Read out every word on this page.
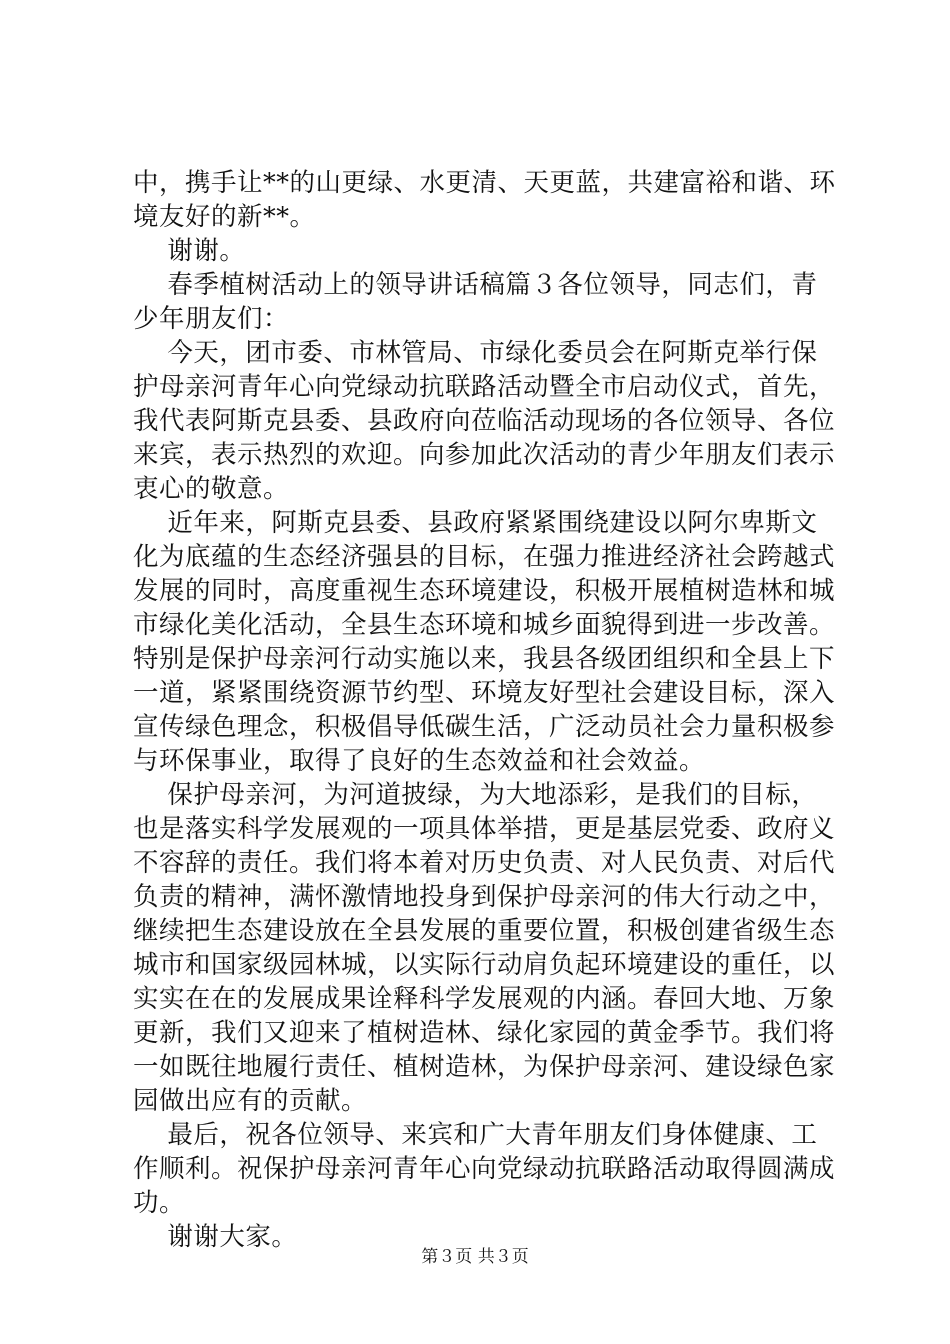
中，携手让**的山更绿、水更清、天更蓝，共建富裕和谐、环
境友好的新**。
谢谢。
春季植树活动上的领导讲话稿篇３各位领导，同志们，青
少年朋友们：
今天，团市委、市林管局、市绿化委员会在阿斯克举行保
护母亲河青年心向党绿动抗联路活动暨全市启动仪式，首先，
我代表阿斯克县委、县政府向莅临活动现场的各位领导、各位
来宾，表示热烈的欢迎。向参加此次活动的青少年朋友们表示
衷心的敬意。
近年来，阿斯克县委、县政府紧紧围绕建设以阿尔卑斯文
化为底蕴的生态经济强县的目标，在强力推进经济社会跨越式
发展的同时，高度重视生态环境建设，积极开展植树造林和城
市绿化美化活动，全县生态环境和城乡面貌得到进一步改善。
特别是保护母亲河行动实施以来，我县各级团组织和全县上下
一道，紧紧围绕资源节约型、环境友好型社会建设目标，深入
宣传绿色理念，积极倡导低碳生活，广泛动员社会力量积极参
与环保事业，取得了良好的生态效益和社会效益。
保护母亲河，为河道披绿，为大地添彩，是我们的目标，
也是落实科学发展观的一项具体举措，更是基层党委、政府义
不容辞的责任。我们将本着对历史负责、对人民负责、对后代
负责的精神，满怀激情地投身到保护母亲河的伟大行动之中，
继续把生态建设放在全县发展的重要位置，积极创建省级生态
城市和国家级园林城，以实际行动肩负起环境建设的重任，以
实实在在的发展成果诠释科学发展观的内涵。春回大地、万象
更新，我们又迎来了植树造林、绿化家园的黄金季节。我们将
一如既往地履行责任、植树造林，为保护母亲河、建设绿色家
园做出应有的贡献。
最后，祝各位领导、来宾和广大青年朋友们身体健康、工
作顺利。祝保护母亲河青年心向党绿动抗联路活动取得圆满成
功。
谢谢大家。
第３页 共３页
